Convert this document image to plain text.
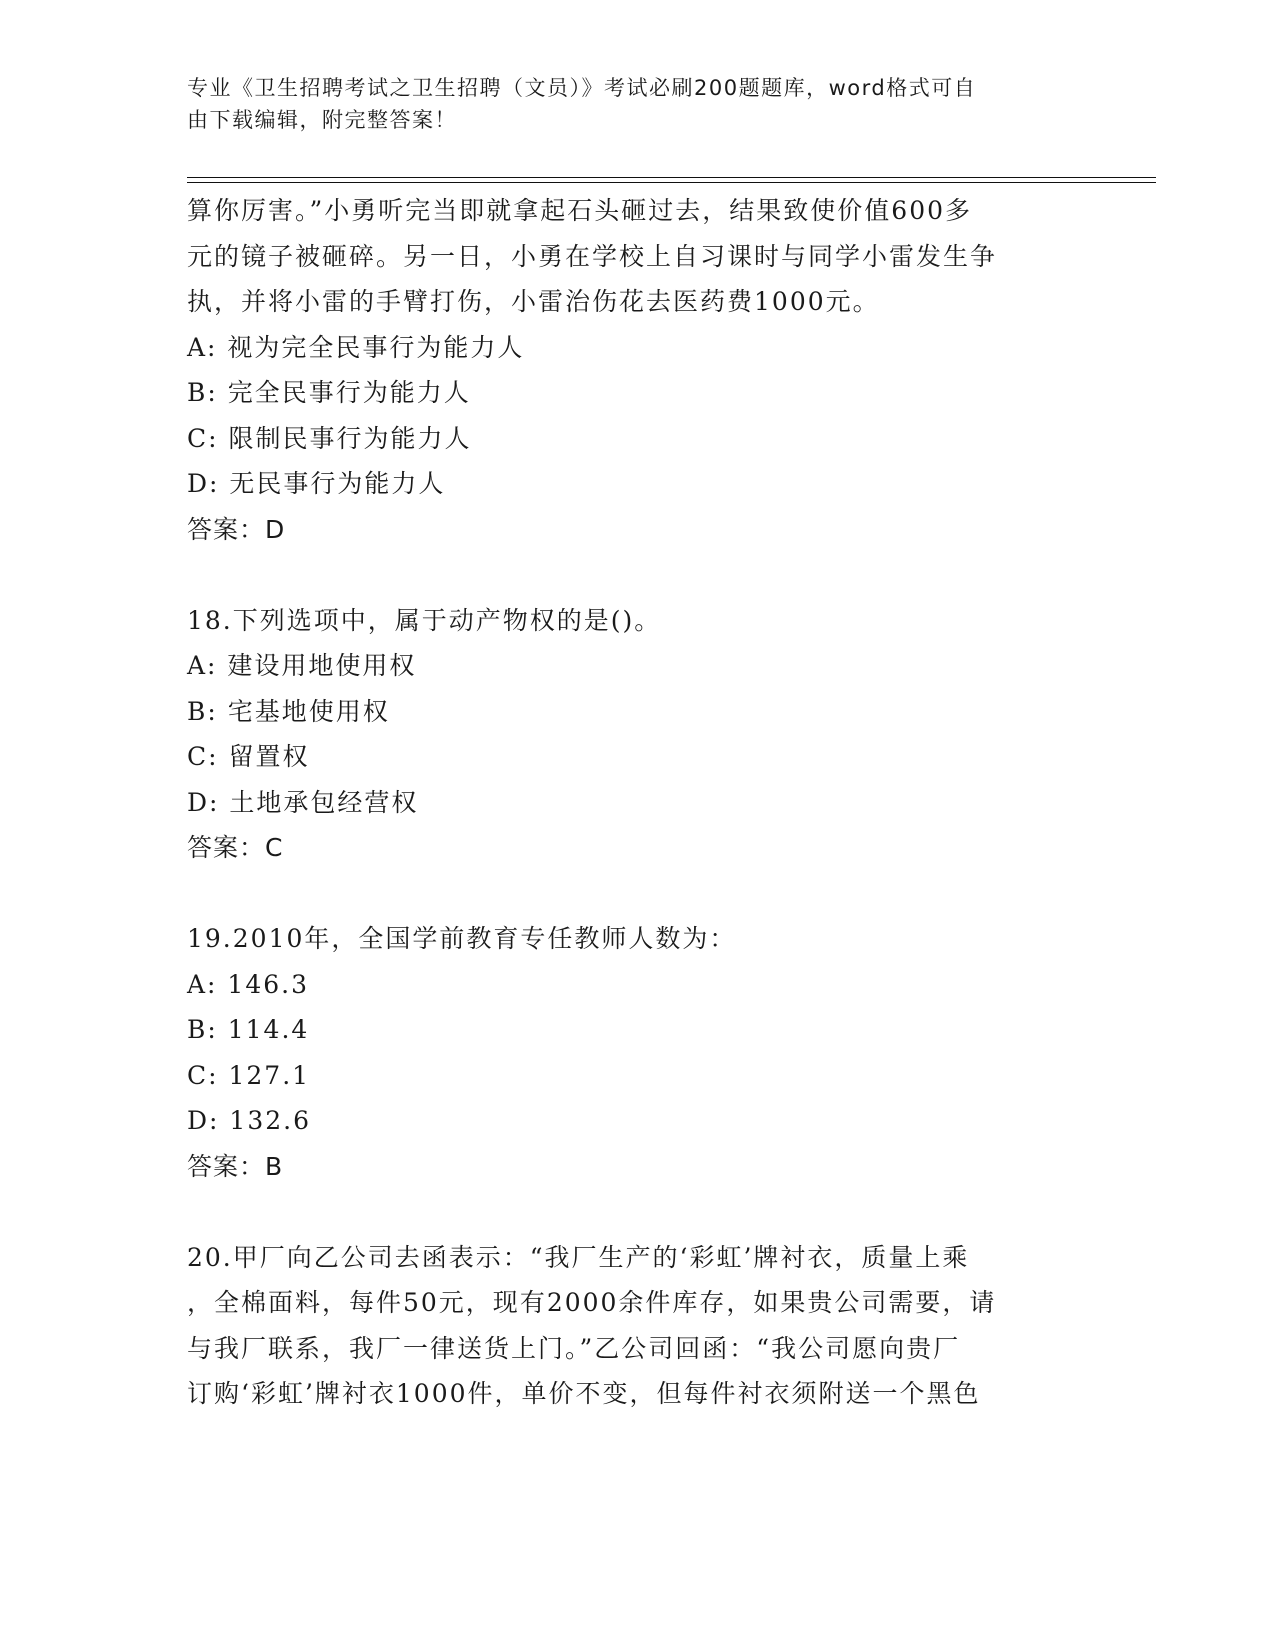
专业《卫生招聘考试之卫生招聘（文员）》考试必刷200题题库，word格式可自
由下载编辑，附完整答案！
算你厉害。”小勇听完当即就拿起石头砸过去，结果致使价值600多
元的镜子被砸碎。另一日，小勇在学校上自习课时与同学小雷发生争
执，并将小雷的手臂打伤，小雷治伤花去医药费1000元。
A: 视为完全民事行为能力人
B: 完全民事行为能力人
C: 限制民事行为能力人
D: 无民事行为能力人
答案：D
18.下列选项中，属于动产物权的是()。
A: 建设用地使用权
B: 宅基地使用权
C: 留置权
D: 土地承包经营权
答案：C
19.2010年，全国学前教育专任教师人数为：
A: 146.3
B: 114.4
C: 127.1
D: 132.6
答案：B
20.甲厂向乙公司去函表示：“我厂生产的‘彩虹’牌衬衣，质量上乘
，全棉面料，每件50元，现有2000余件库存，如果贵公司需要，请
与我厂联系，我厂一律送货上门。”乙公司回函：“我公司愿向贵厂
订购‘彩虹’牌衬衣1000件，单价不变，但每件衬衣须附送一个黑色
